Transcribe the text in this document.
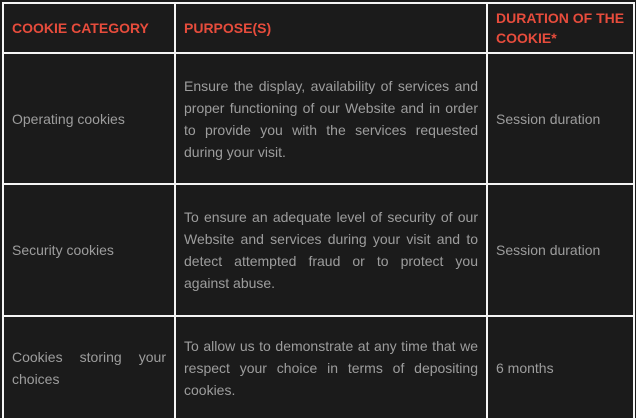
COOKIE CATEGORY	PURPOSE(S)	DURATION OF THE COOKIE*
Operating cookies	Ensure the display, availability of services and proper functioning of our Website and in order to provide you with the services requested during your visit.	Session duration
Security cookies	To ensure an adequate level of security of our Website and services during your visit and to detect attempted fraud or to protect you against abuse.	Session duration
Cookies storing your choices	To allow us to demonstrate at any time that we respect your choice in terms of depositing cookies.	6 months
